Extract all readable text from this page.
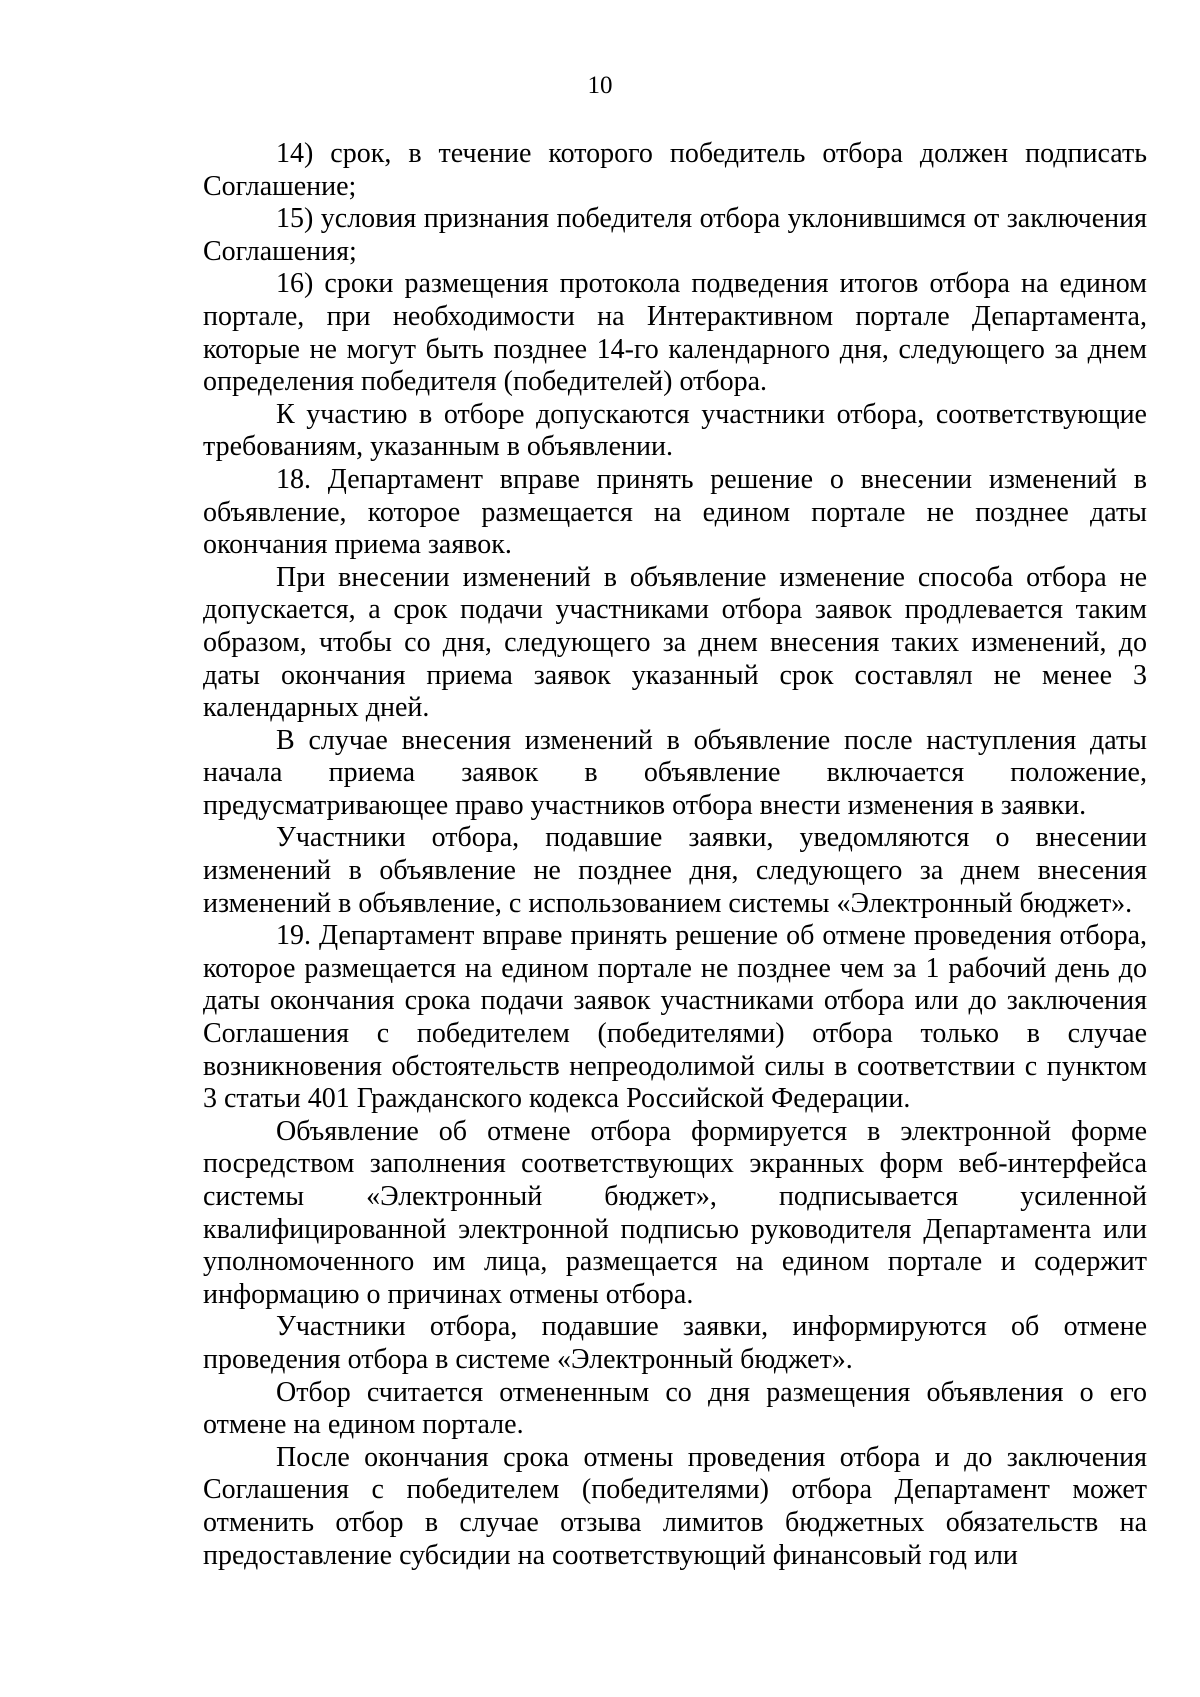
10

14) срок, в течение которого победитель отбора должен подписать Соглашение;

15) условия признания победителя отбора уклонившимся от заключения Соглашения;

16) сроки размещения протокола подведения итогов отбора на едином портале, при необходимости на Интерактивном портале Департамента, которые не могут быть позднее 14-го календарного дня, следующего за днем определения победителя (победителей) отбора.

К участию в отборе допускаются участники отбора, соответствующие требованиям, указанным в объявлении.

18. Департамент вправе принять решение о внесении изменений в объявление, которое размещается на едином портале не позднее даты окончания приема заявок.

При внесении изменений в объявление изменение способа отбора не допускается, а срок подачи участниками отбора заявок продлевается таким образом, чтобы со дня, следующего за днем внесения таких изменений, до даты окончания приема заявок указанный срок составлял не менее 3 календарных дней.

В случае внесения изменений в объявление после наступления даты начала приема заявок в объявление включается положение, предусматривающее право участников отбора внести изменения в заявки.

Участники отбора, подавшие заявки, уведомляются о внесении изменений в объявление не позднее дня, следующего за днем внесения изменений в объявление, с использованием системы «Электронный бюджет».

19. Департамент вправе принять решение об отмене проведения отбора, которое размещается на едином портале не позднее чем за 1 рабочий день до даты окончания срока подачи заявок участниками отбора или до заключения Соглашения с победителем (победителями) отбора только в случае возникновения обстоятельств непреодолимой силы в соответствии с пунктом 3 статьи 401 Гражданского кодекса Российской Федерации.

Объявление об отмене отбора формируется в электронной форме посредством заполнения соответствующих экранных форм веб-интерфейса системы «Электронный бюджет», подписывается усиленной квалифицированной электронной подписью руководителя Департамента или уполномоченного им лица, размещается на едином портале и содержит информацию о причинах отмены отбора.

Участники отбора, подавшие заявки, информируются об отмене проведения отбора в системе «Электронный бюджет».

Отбор считается отмененным со дня размещения объявления о его отмене на едином портале.

После окончания срока отмены проведения отбора и до заключения Соглашения с победителем (победителями) отбора Департамент может отменить отбор в случае отзыва лимитов бюджетных обязательств на предоставление субсидии на соответствующий финансовый год или
